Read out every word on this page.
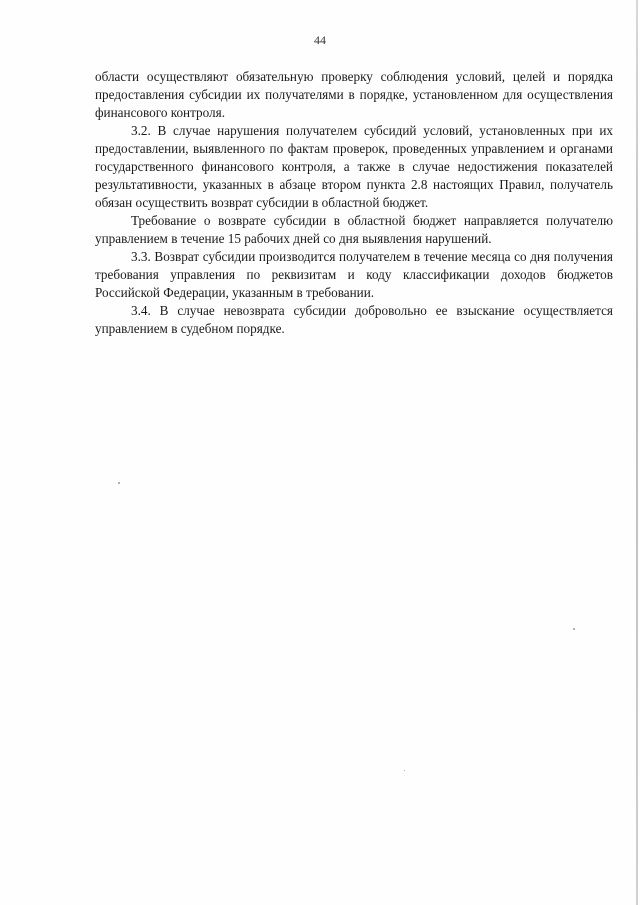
44

области осуществляют обязательную проверку соблюдения условий, целей и порядка предоставления субсидии их получателями в порядке, установленном для осуществления финансового контроля.

3.2. В случае нарушения получателем субсидий условий, установленных при их предоставлении, выявленного по фактам проверок, проведенных управлением и органами государственного финансового контроля, а также в случае недостижения показателей результативности, указанных в абзаце втором пункта 2.8 настоящих Правил, получатель обязан осуществить возврат субсидии в областной бюджет.

Требование о возврате субсидии в областной бюджет направляется получателю управлением в течение 15 рабочих дней со дня выявления нарушений.

3.3. Возврат субсидии производится получателем в течение месяца со дня получения требования управления по реквизитам и коду классификации доходов бюджетов Российской Федерации, указанным в требовании.

3.4. В случае невозврата субсидии добровольно ее взыскание осуществляется управлением в судебном порядке.
